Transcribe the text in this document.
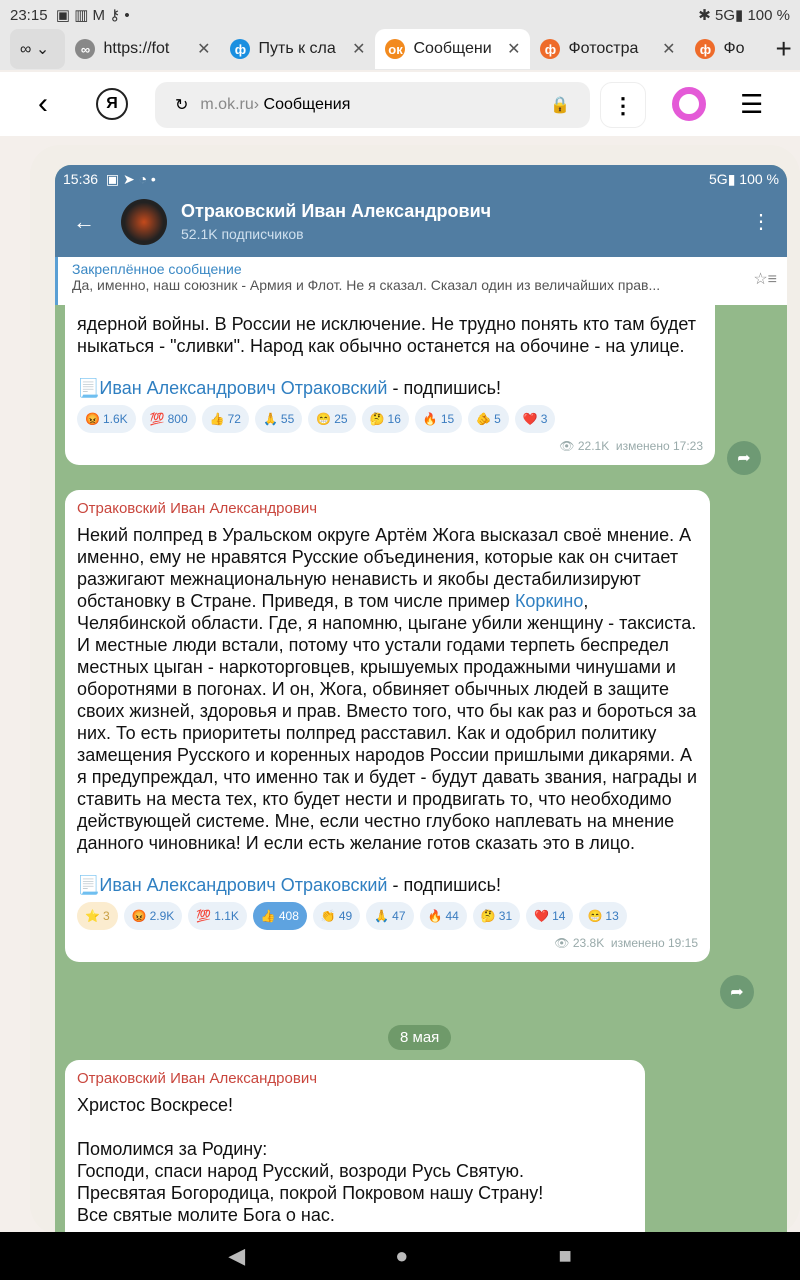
23:15 ▣ ▥ M ⚷ •	✱ 5G▮ 100 %
∞ ⌄	∞ https://fot ✕	ф Путь к сла ✕ ок Сообщени ✕	ф Фотостра ✕	ф Фо	+
‹	Я	↻ m.ok.ru› Сообщения	🔒	⋮	☰
15:36 ▣ ➤ ◔ •	5G▮ 100 %
←	Отраковский Иван Александрович
52.1K подписчиков
⋮
Закреплённое сообщение
Да, именно, наш союзник - Армия и Флот. Не я сказал. Сказал один из величайших прав...	☆≡
ядерной войны. В России не исключение. Не трудно понять кто там будет ныкаться - "сливки". Народ как обычно останется на обочине - на улице.
📃Иван Александрович Отраковский - подпишись!
😡 1.6K 💯 800 👍 72 🙏 55 😁 25 🤔 16 🔥 15 🫵 5 ❤️ 3
👁 22.1K изменено 17:23
➦
Отраковский Иван Александрович
Некий полпред в Уральском округе Артём Жога высказал своё мнение. А именно, ему не нравятся Русские объединения, которые как он считает разжигают межнациональную ненависть и якобы дестабилизируют обстановку в Стране. Приведя, в том числе пример Коркино, Челябинской области. Где, я напомню, цыгане убили женщину - таксиста. И местные люди встали, потому что устали годами терпеть беспредел местных цыган - наркоторговцев, крышуемых продажными чинушами и оборотнями в погонах. И он, Жога, обвиняет обычных людей в защите своих жизней, здоровья и прав. Вместо того, что бы как раз и бороться за них. То есть приоритеты полпред расставил. Как и одобрил политику замещения Русского и коренных народов России пришлыми дикарями. А я предупреждал, что именно так и будет - будут давать звания, награды и ставить на места тех, кто будет нести и продвигать то, что необходимо действующей системе. Мне, если честно глубоко наплевать на мнение данного чиновника! И если есть желание готов сказать это в лицо.
📃Иван Александрович Отраковский - подпишись!
⭐ 3 😡 2.9K 💯 1.1K 👍 408 👏 49 🙏 47 🔥 44 🤔 31 ❤️ 14 😁 13
👁 23.8K изменено 19:15
➦
8 мая
Отраковский Иван Александрович
Христос Воскресе!
Помолимся за Родину:
Господи, спаси народ Русский, возроди Русь Святую.
Пресвятая Богородица, покрой Покровом нашу Страну!
Все святые молите Бога о нас.
◀	●	■
